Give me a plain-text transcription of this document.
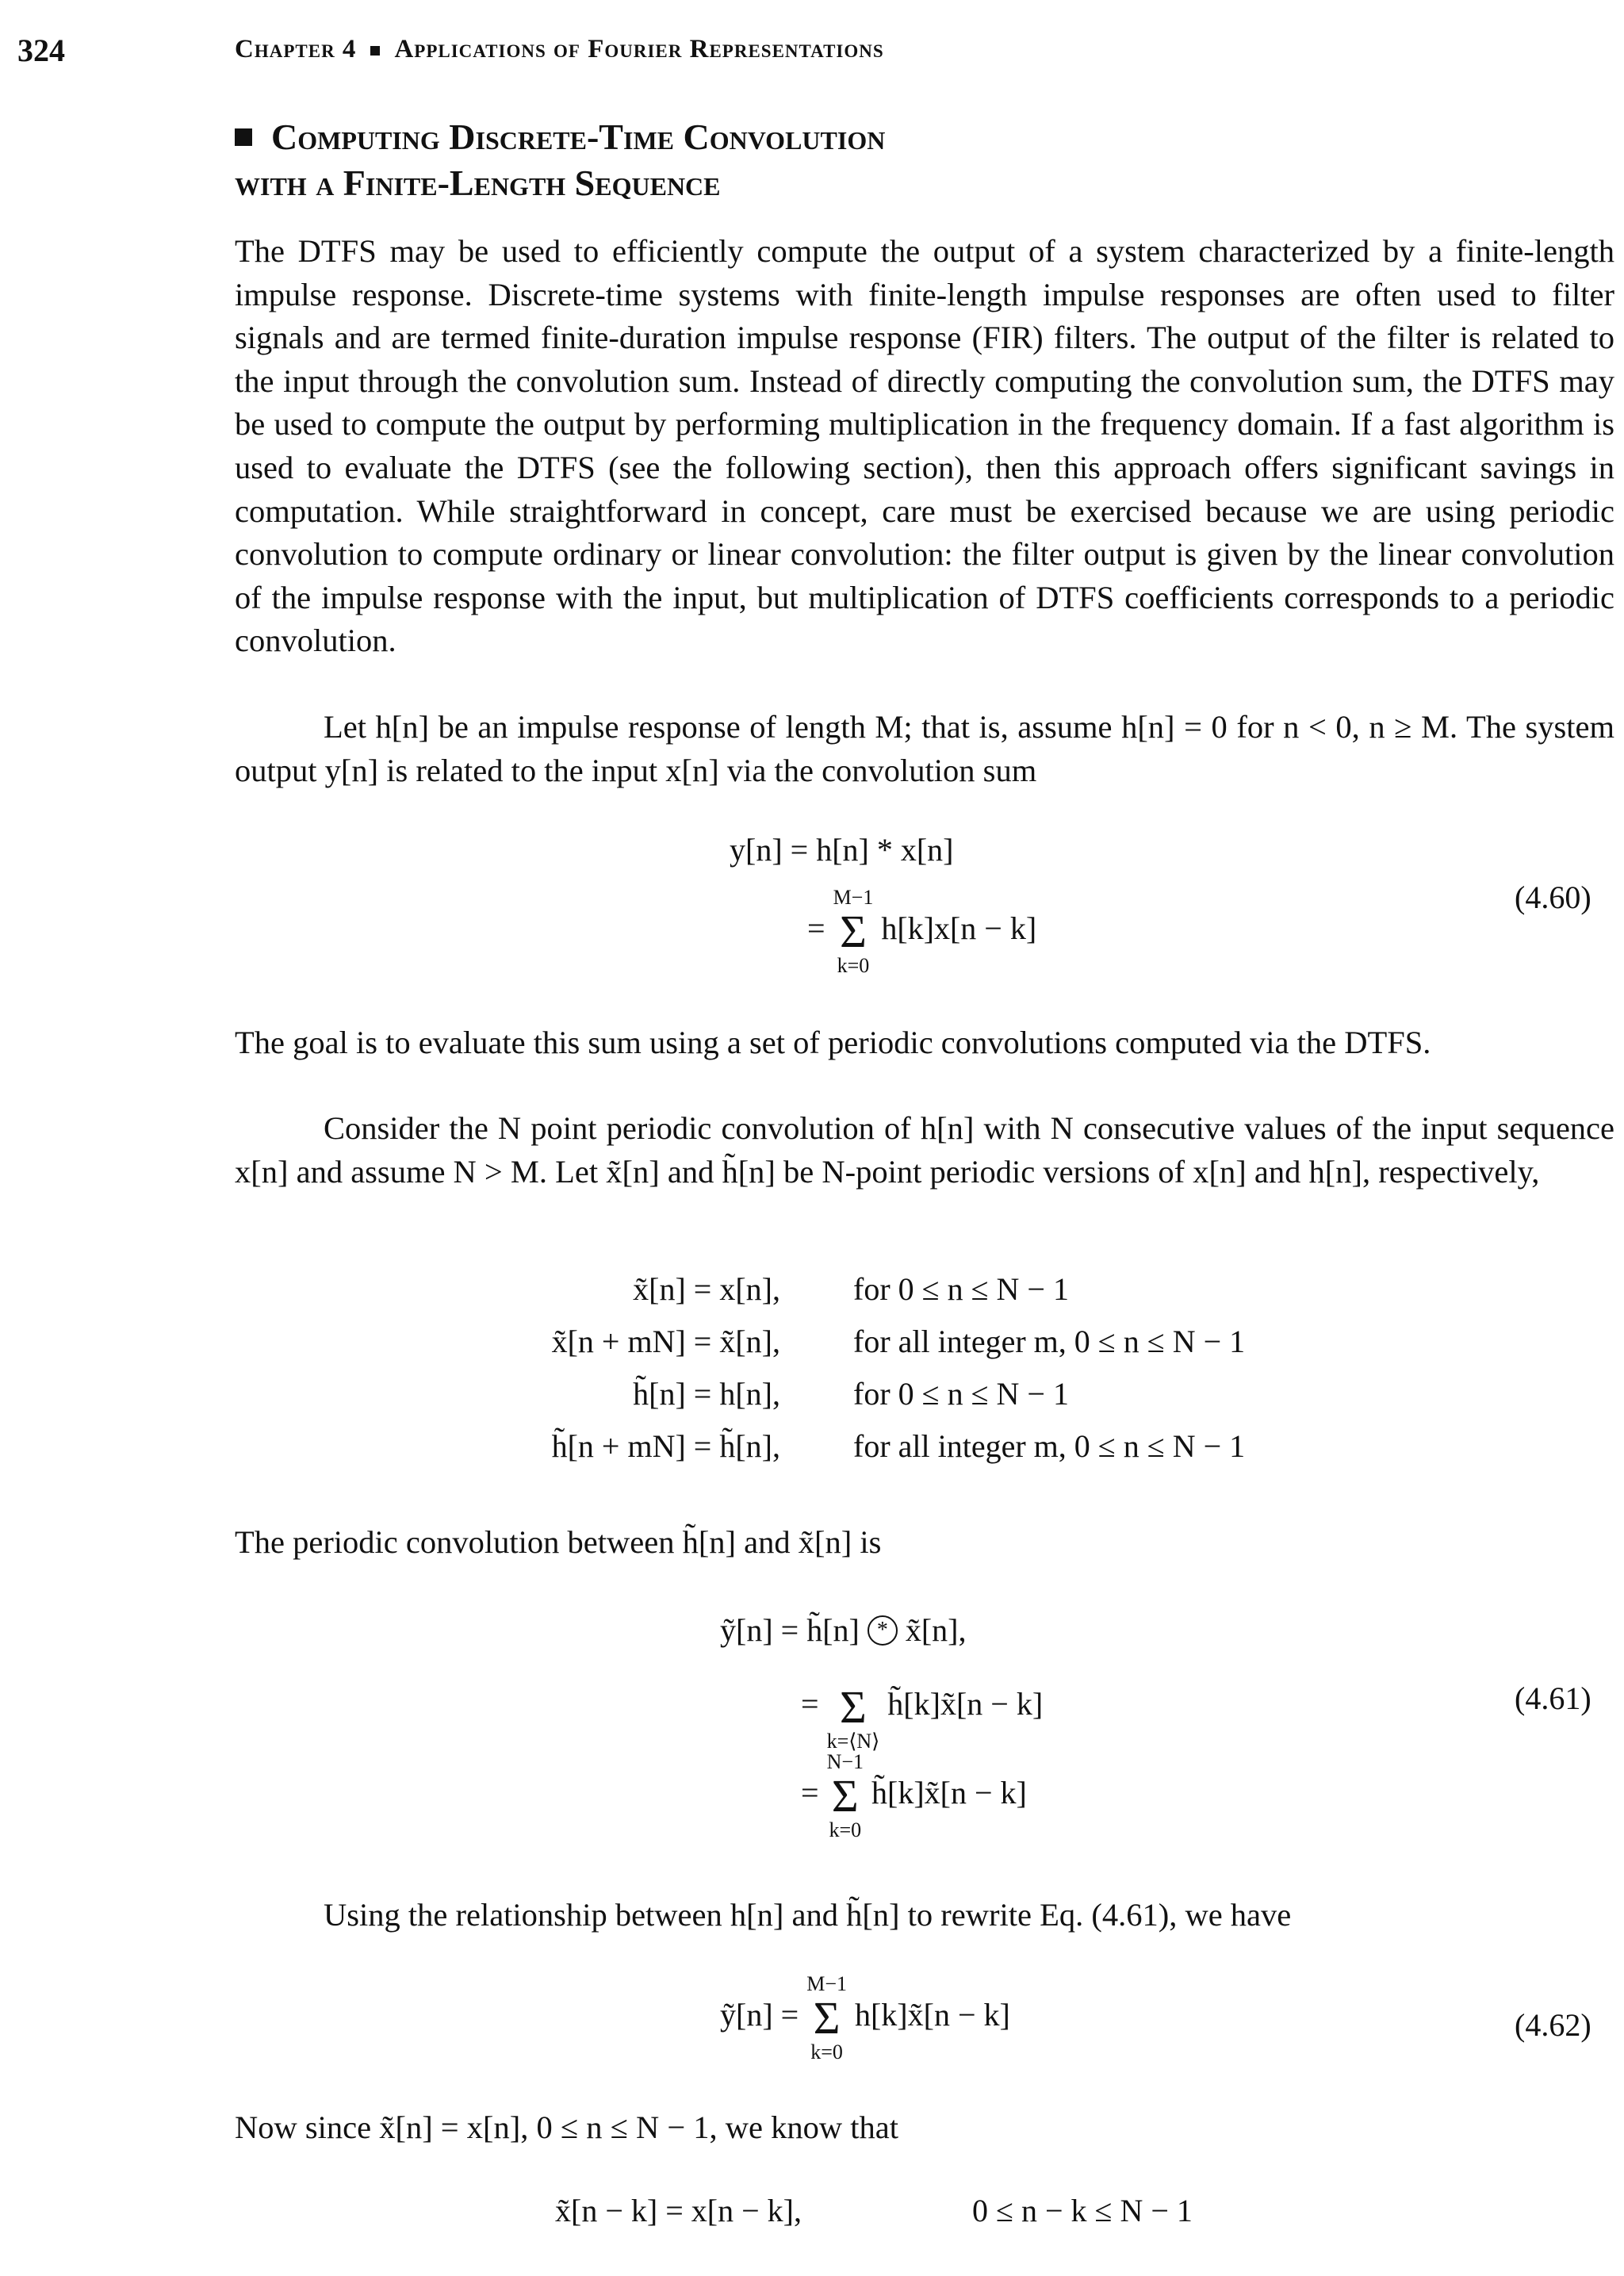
324	Chapter 4 Applications of Fourier Representations
Computing Discrete-Time Convolution
with a Finite-Length Sequence

The DTFS may be used to efficiently compute the output of a system characterized by a finite-length impulse response. Discrete-time systems with finite-length impulse responses are often used to filter signals and are termed finite-duration impulse response (FIR) filters. The output of the filter is related to the input through the convolution sum. Instead of directly computing the convolution sum, the DTFS may be used to compute the output by performing multiplication in the frequency domain. If a fast algorithm is used to evaluate the DTFS (see the following section), then this approach offers significant savings in computation. While straightforward in concept, care must be exercised because we are using periodic convolution to compute ordinary or linear convolution: the filter output is given by the linear convolution of the impulse response with the input, but multiplication of DTFS coefficients corresponds to a periodic convolution.

Let h[n] be an impulse response of length M; that is, assume h[n] = 0 for n < 0, n ≥ M. The system output y[n] is related to the input x[n] via the convolution sum

y[n] = h[n] * x[n]
=
M−1
Σ
k=0
h[k]x[n − k]
(4.60)

The goal is to evaluate this sum using a set of periodic convolutions computed via the DTFS.

Consider the N point periodic convolution of h[n] with N consecutive values of the input sequence x[n] and assume N > M. Let x̃[n] and h̃[n] be N-point periodic versions of x[n] and h[n], respectively,

x̃[n] = x[n], for 0 ≤ n ≤ N − 1
x̃[n + mN] = x̃[n], for all integer m, 0 ≤ n ≤ N − 1
h̃[n] = h[n], for 0 ≤ n ≤ N − 1
h̃[n + mN] = h̃[n], for all integer m, 0 ≤ n ≤ N − 1

The periodic convolution between h̃[n] and x̃[n] is

ỹ[n] = h̃[n] * x̃[n],
= Σ
k=⟨N⟩
h̃[k]x̃[n − k]	(4.61)
=
N−1
Σ
k=0
h̃[k]x̃[n − k]

Using the relationship between h[n] and h̃[n] to rewrite Eq. (4.61), we have

ỹ[n] =
M−1
Σ
k=0
h[k]x̃[n − k]	(4.62)

Now since x̃[n] = x[n], 0 ≤ n ≤ N − 1, we know that

x̃[n − k] = x[n − k],	0 ≤ n − k ≤ N − 1
